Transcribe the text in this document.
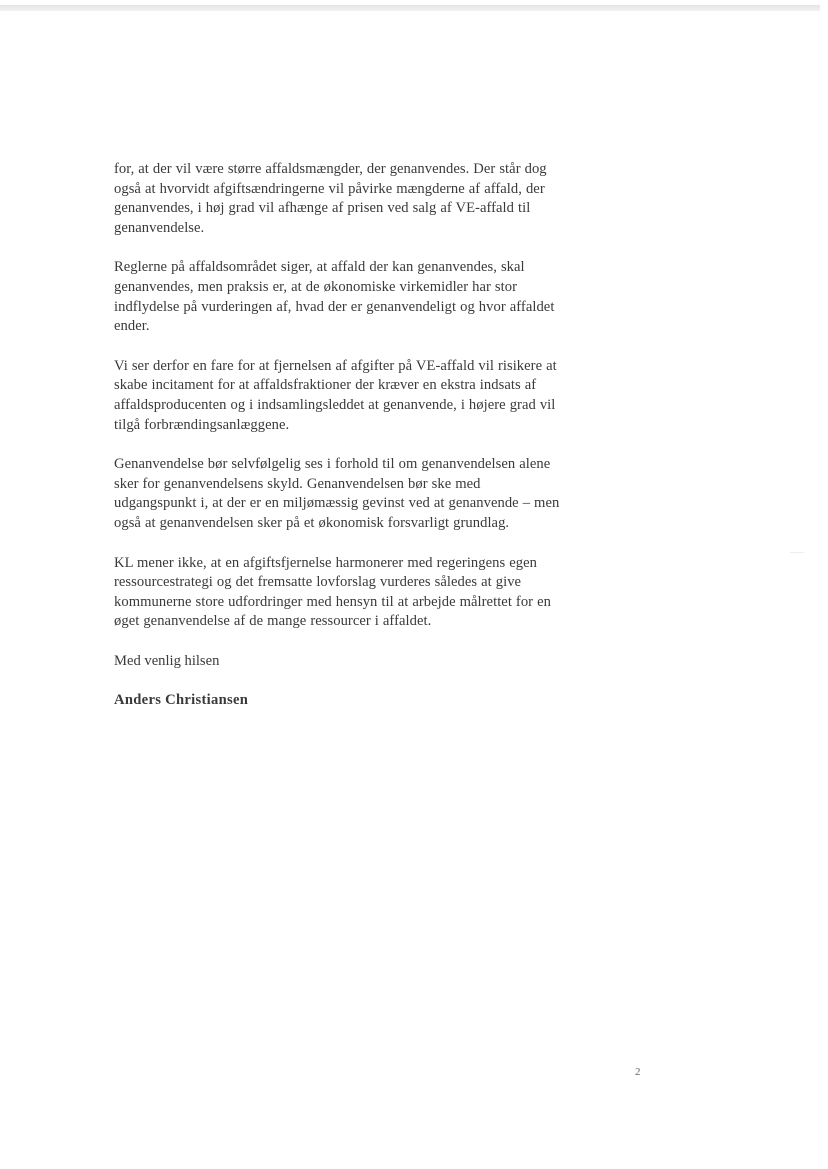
for, at der vil være større affaldsmængder, der genanvendes. Der står dog
også at hvorvidt afgiftsændringerne vil påvirke mængderne af affald, der
genanvendes, i høj grad vil afhænge af prisen ved salg af VE-affald til
genanvendelse.

Reglerne på affaldsområdet siger, at affald der kan genanvendes, skal
genanvendes, men praksis er, at de økonomiske virkemidler har stor
indflydelse på vurderingen af, hvad der er genanvendeligt og hvor affaldet
ender.

Vi ser derfor en fare for at fjernelsen af afgifter på VE-affald vil risikere at
skabe incitament for at affaldsfraktioner der kræver en ekstra indsats af
affaldsproducenten og i indsamlingsleddet at genanvende, i højere grad vil
tilgå forbrændingsanlæggene.

Genanvendelse bør selvfølgelig ses i forhold til om genanvendelsen alene
sker for genanvendelsens skyld. Genanvendelsen bør ske med
udgangspunkt i, at der er en miljømæssig gevinst ved at genanvende – men
også at genanvendelsen sker på et økonomisk forsvarligt grundlag.

KL mener ikke, at en afgiftsfjernelse harmonerer med regeringens egen
ressourcestrategi og det fremsatte lovforslag vurderes således at give
kommunerne store udfordringer med hensyn til at arbejde målrettet for en
øget genanvendelse af de mange ressourcer i affaldet.

Med venlig hilsen

Anders Christiansen

2
